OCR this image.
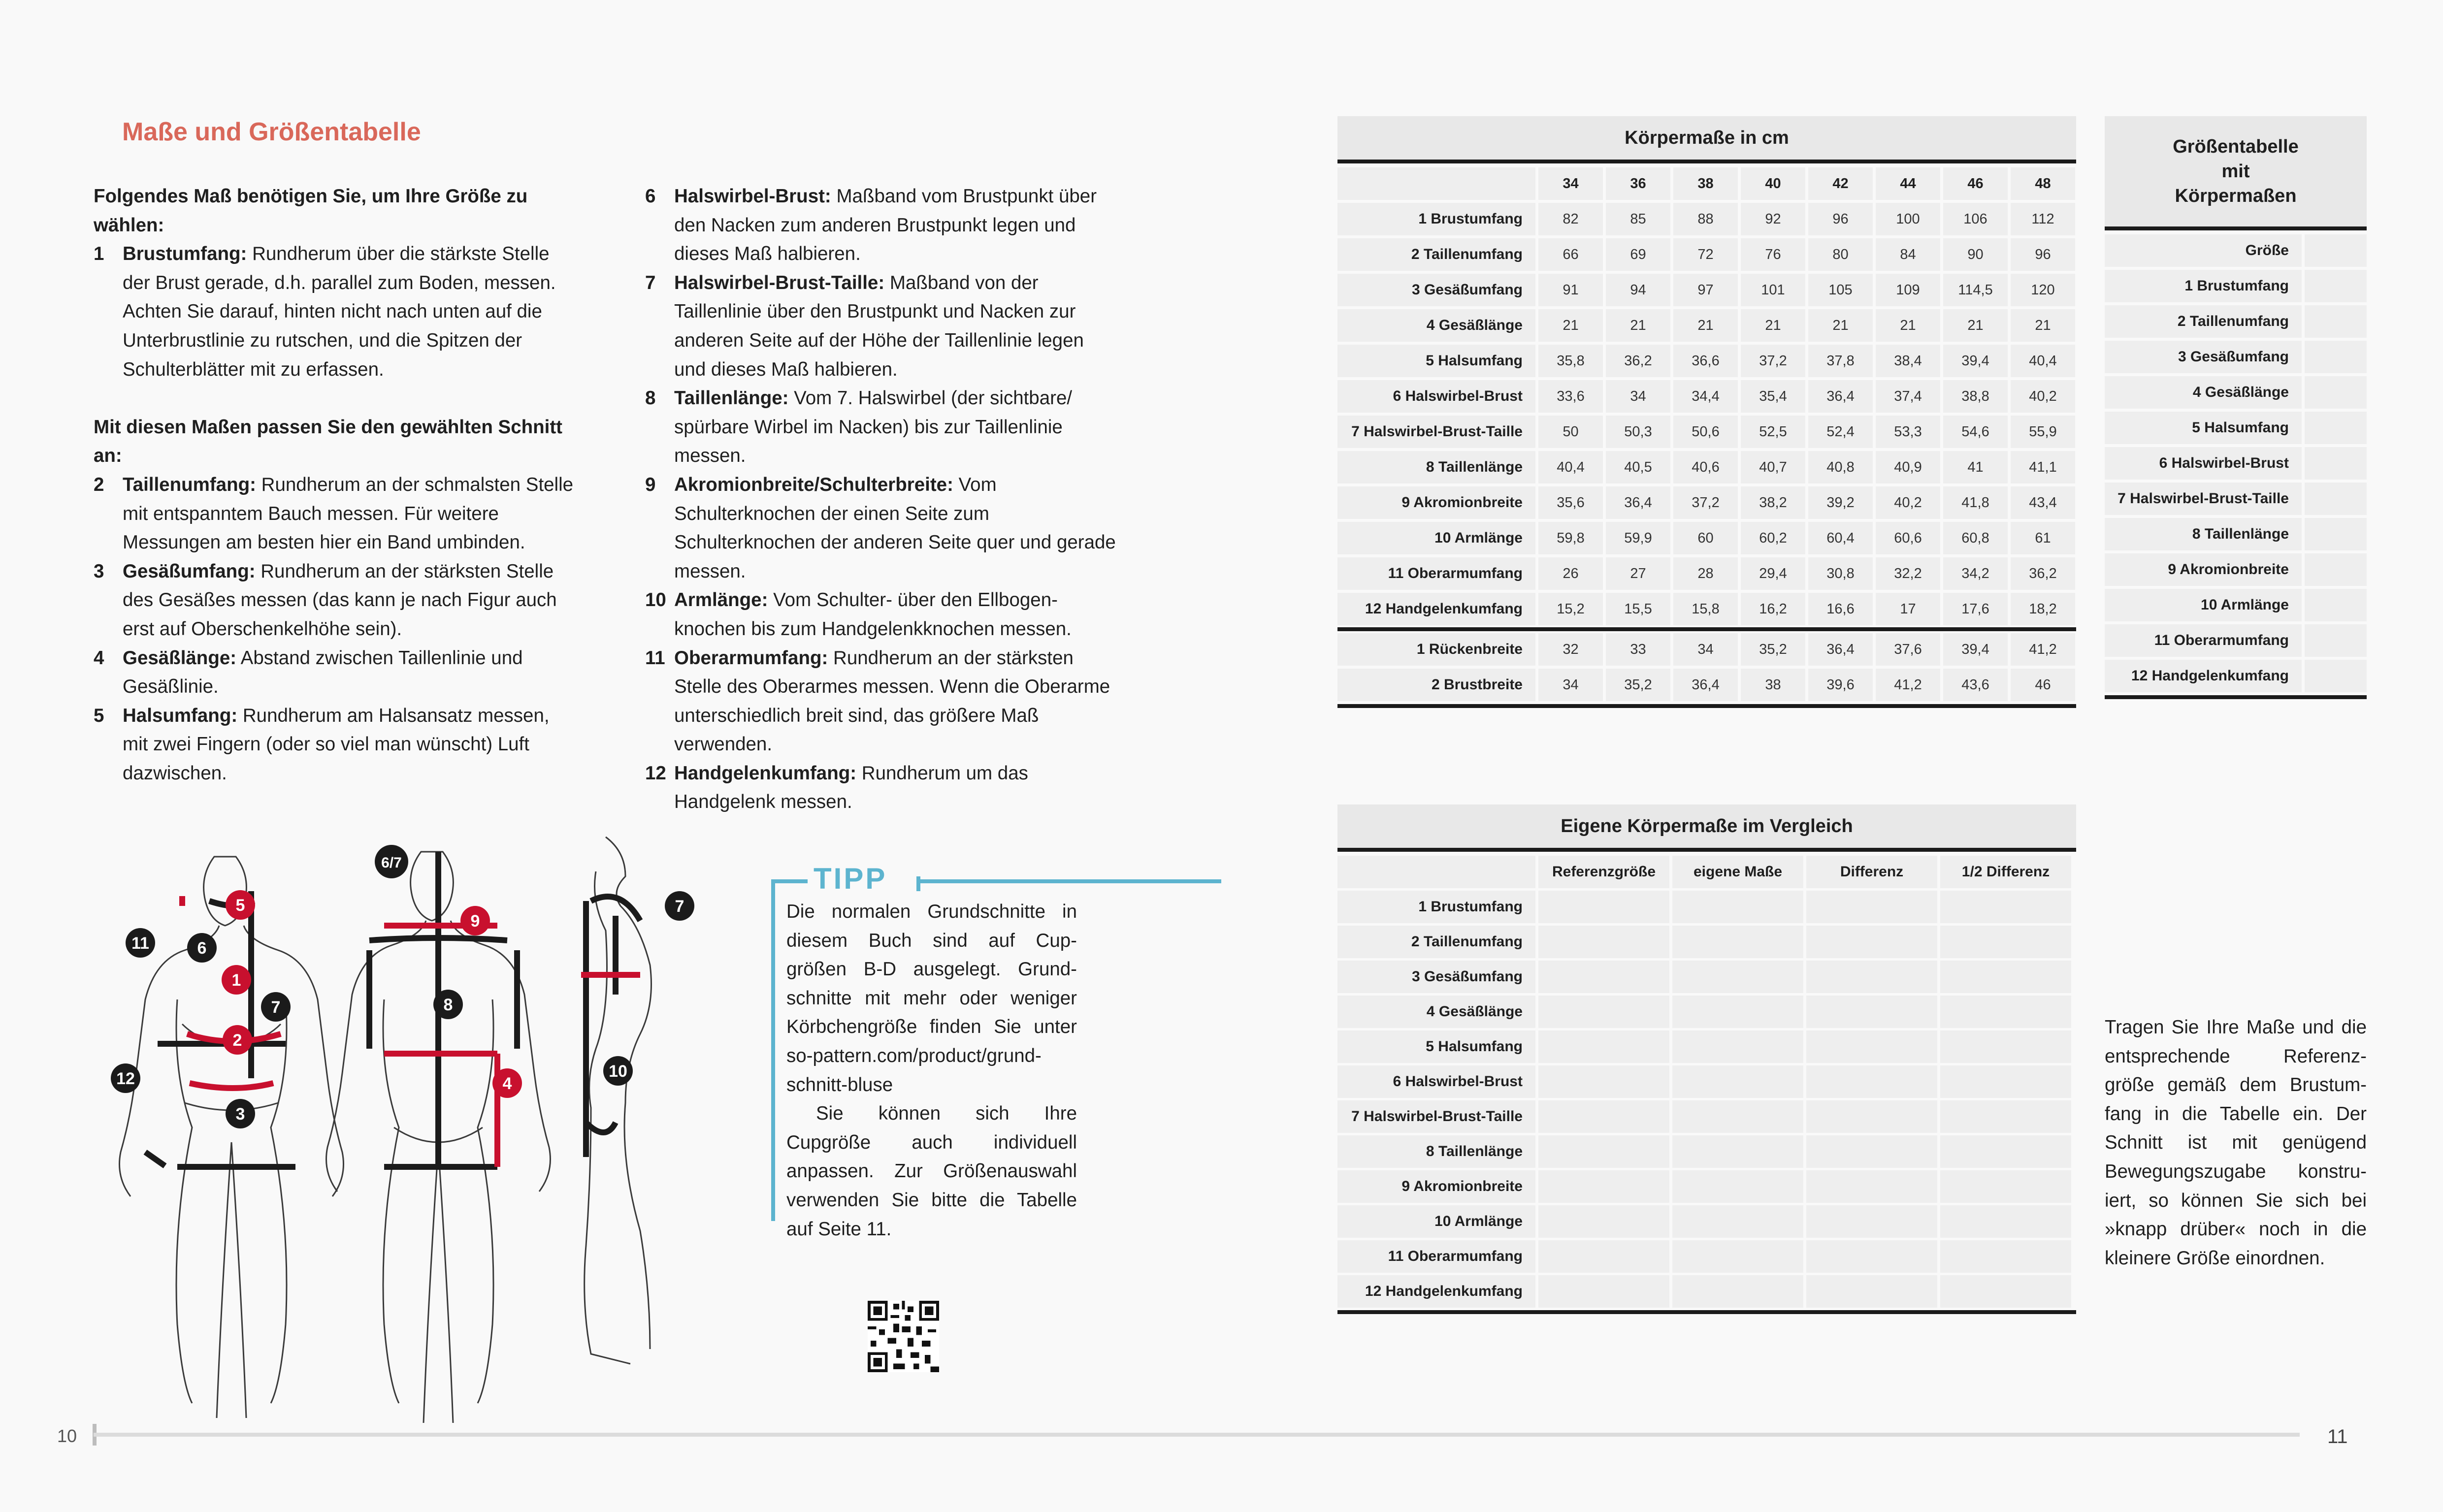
Maße und Größentabelle

Folgendes Maß benötigen Sie, um Ihre Größe zu wählen:

1 Brustumfang: Rundherum über die stärkste Stelle der Brust gerade, d.h. parallel zum Boden, messen. Achten Sie darauf, hinten nicht nach unten auf die Unterbrustlinie zu rutschen, und die Spitzen der Schulterblätter mit zu erfassen.

Mit diesen Maßen passen Sie den gewählten Schnitt an:

2 Taillenumfang: Rundherum an der schmalsten Stelle mit entspanntem Bauch messen. Für weitere Messungen am besten hier ein Band umbinden.
3 Gesäßumfang: Rundherum an der stärksten Stelle des Gesäßes messen (das kann je nach Figur auch erst auf Oberschenkelhöhe sein).
4 Gesäßlänge: Abstand zwischen Taillenlinie und Gesäßlinie.
5 Halsumfang: Rundherum am Halsansatz messen, mit zwei Fingern (oder so viel man wünscht) Luft dazwischen.
6 Halswirbel-Brust: Maßband vom Brustpunkt über den Nacken zum anderen Brustpunkt legen und dieses Maß halbieren.
7 Halswirbel-Brust-Taille: Maßband von der Taillenlinie über den Brustpunkt und Nacken zur anderen Seite auf der Höhe der Taillenlinie legen und dieses Maß halbieren.
8 Taillenlänge: Vom 7. Halswirbel (der sichtbare/ spürbare Wirbel im Nacken) bis zur Taillenlinie messen.
9 Akromionbreite/Schulterbreite: Vom Schulterknochen der einen Seite zum Schulterknochen der anderen Seite quer und gerade messen.
10 Armlänge: Vom Schulter- über den Ellbogen- knochen bis zum Handgelenkknochen messen.
11 Oberarmumfang: Rundherum an der stärksten Stelle des Oberarmes messen. Wenn die Oberarme unterschiedlich breit sind, das größere Maß verwenden.
12 Handgelenkumfang: Rundherum um das Handgelenk messen.
5
11	6
1
7
2
12
3
6/7
9
8
4
7
10
TIPP

Die normalen Grundschnitte in diesem Buch sind auf Cup- größen B-D ausgelegt. Grund- schnitte mit mehr oder weniger Körbchengröße finden Sie unter so-pattern.com/product/grund- schnitt-bluse

Sie können sich Ihre Cupgröße auch individuell anpassen. Zur Größenauswahl verwenden Sie bitte die Tabelle auf Seite 11.

10	11
Körpermaße in cm
34	36	38	40	42	44	46	48
1 Brustumfang	82	85	88	92	96	100	106	112
2 Taillenumfang	66	69	72	76	80	84	90	96
3 Gesäßumfang	91	94	97	101	105	109	114,5	120
4 Gesäßlänge	21	21	21	21	21	21	21	21
5 Halsumfang	35,8	36,2	36,6	37,2	37,8	38,4	39,4	40,4
6 Halswirbel-Brust	33,6	34	34,4	35,4	36,4	37,4	38,8	40,2
7 Halswirbel-Brust-Taille	50	50,3	50,6	52,5	52,4	53,3	54,6	55,9
8 Taillenlänge	40,4	40,5	40,6	40,7	40,8	40,9	41	41,1
9 Akromionbreite	35,6	36,4	37,2	38,2	39,2	40,2	41,8	43,4
10 Armlänge	59,8	59,9	60	60,2	60,4	60,6	60,8	61
11 Oberarmumfang	26	27	28	29,4	30,8	32,2	34,2	36,2
12 Handgelenkumfang	15,2	15,5	15,8	16,2	16,6	17	17,6	18,2
1 Rückenbreite	32	33	34	35,2	36,4	37,6	39,4	41,2
2 Brustbreite	34	35,2	36,4	38	39,6	41,2	43,6	46
Größentabelle
mit
Körpermaßen
Größe
1 Brustumfang
2 Taillenumfang
3 Gesäßumfang
4 Gesäßlänge
5 Halsumfang
6 Halswirbel-Brust
7 Halswirbel-Brust-Taille
8 Taillenlänge
9 Akromionbreite
10 Armlänge
11 Oberarmumfang
12 Handgelenkumfang
Eigene Körpermaße im Vergleich
Referenzgröße	eigene Maße	Differenz	1/2 Differenz
1 Brustumfang
2 Taillenumfang
3 Gesäßumfang
4 Gesäßlänge
5 Halsumfang
6 Halswirbel-Brust
7 Halswirbel-Brust-Taille
8 Taillenlänge
9 Akromionbreite
10 Armlänge
11 Oberarmumfang
12 Handgelenkumfang
Tragen Sie Ihre Maße und die entsprechende Referenz- größe gemäß dem Brustum- fang in die Tabelle ein. Der Schnitt ist mit genügend Bewegungszugabe konstru- iert, so können Sie sich bei »knapp drüber« noch in die kleinere Größe einordnen.
